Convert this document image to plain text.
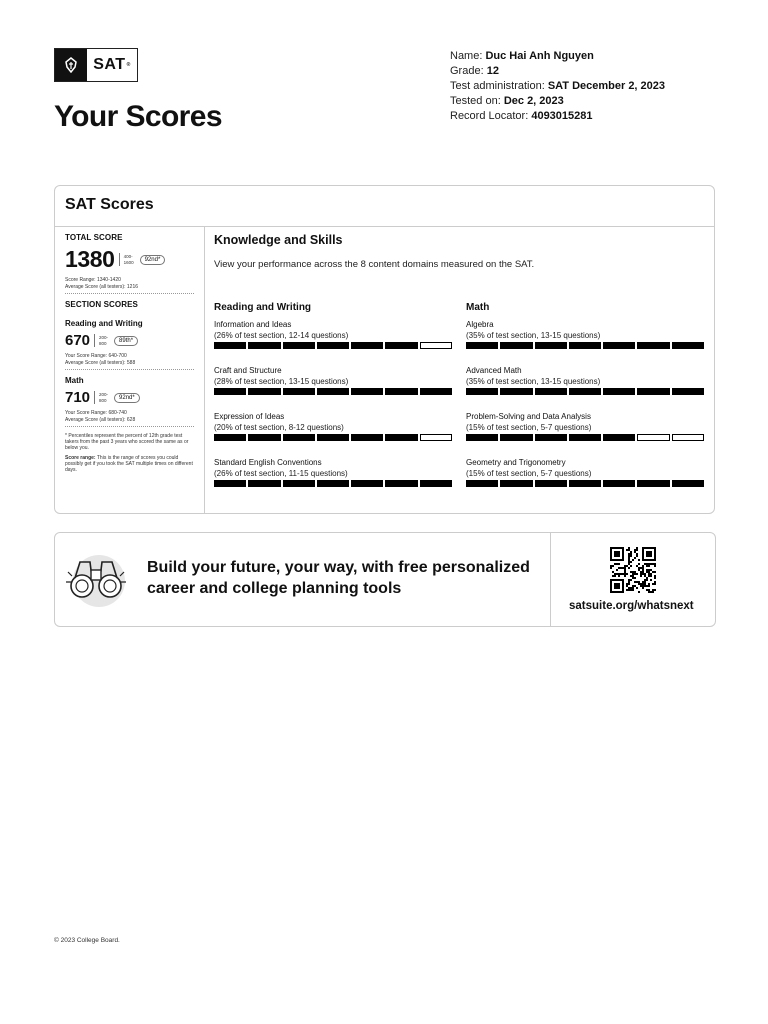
SAT ®
Your Scores
Name: Duc Hai Anh Nguyen
Grade: 12
Test administration: SAT December 2, 2023
Tested on: Dec 2, 2023
Record Locator: 4093015281
SAT Scores
TOTAL SCORE
1380 400-
1600	92nd*
Score Range: 1340-1420
Average Score (all testers): 1216
SECTION SCORES
Reading and Writing
670 200-
800	89th*
Your Score Range: 640-700
Average Score (all testers): 588
Math
710 200-
800	92nd*
Your Score Range: 680-740
Average Score (all testers): 628
* Percentiles represent the percent of 12th grade test takers from the past 3 years who scored the same as or below you.
Score range: This is the range of scores you could possibly get if you took the SAT multiple times on different days.
Knowledge and Skills
View your performance across the 8 content domains measured on the SAT.
Reading and Writing
Information and Ideas
(26% of test section, 12-14 questions)
Craft and Structure
(28% of test section, 13-15 questions)
Expression of Ideas
(20% of test section, 8-12 questions)
Standard English Conventions
(26% of test section, 11-15 questions)
Math
Algebra
(35% of test section, 13-15 questions)
Advanced Math
(35% of test section, 13-15 questions)
Problem-Solving and Data Analysis
(15% of test section, 5-7 questions)
Geometry and Trigonometry
(15% of test section, 5-7 questions)
Build your future, your way, with free personalized career and college planning tools
satsuite.org/whatsnext
© 2023 College Board.
